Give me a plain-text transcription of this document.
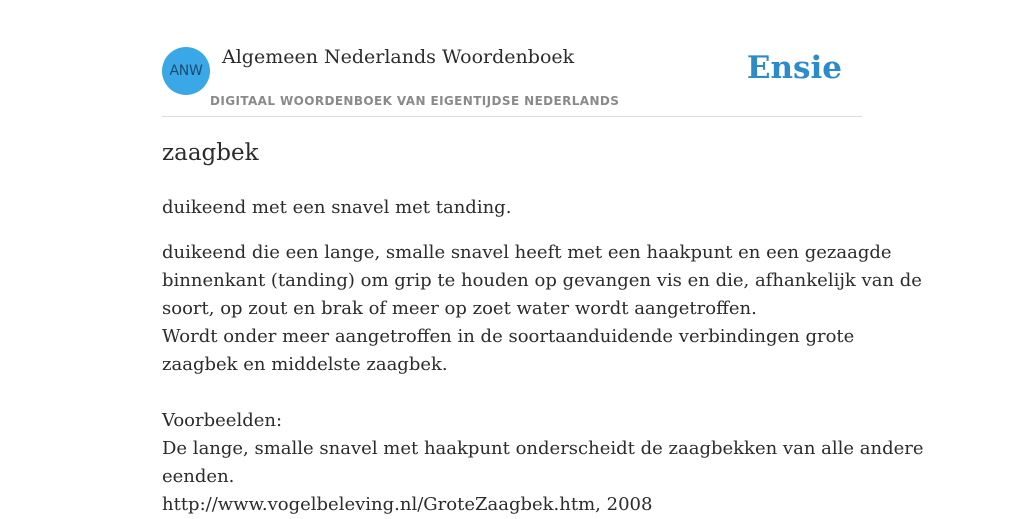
ANW
Algemeen Nederlands Woordenboek
DIGITAAL WOORDENBOEK VAN EIGENTIJDSE NEDERLANDS
Ensie
zaagbek
duikeend met een snavel met tanding.
duikeend die een lange, smalle snavel heeft met een haakpunt en een gezaagde
binnenkant (tanding) om grip te houden op gevangen vis en die, afhankelijk van de
soort, op zout en brak of meer op zoet water wordt aangetroffen.
Wordt onder meer aangetroffen in de soortaanduidende verbindingen grote
zaagbek en middelste zaagbek.
Voorbeelden:
De lange, smalle snavel met haakpunt onderscheidt de zaagbekken van alle andere
eenden.
http://www.vogelbeleving.nl/GroteZaagbek.htm, 2008
